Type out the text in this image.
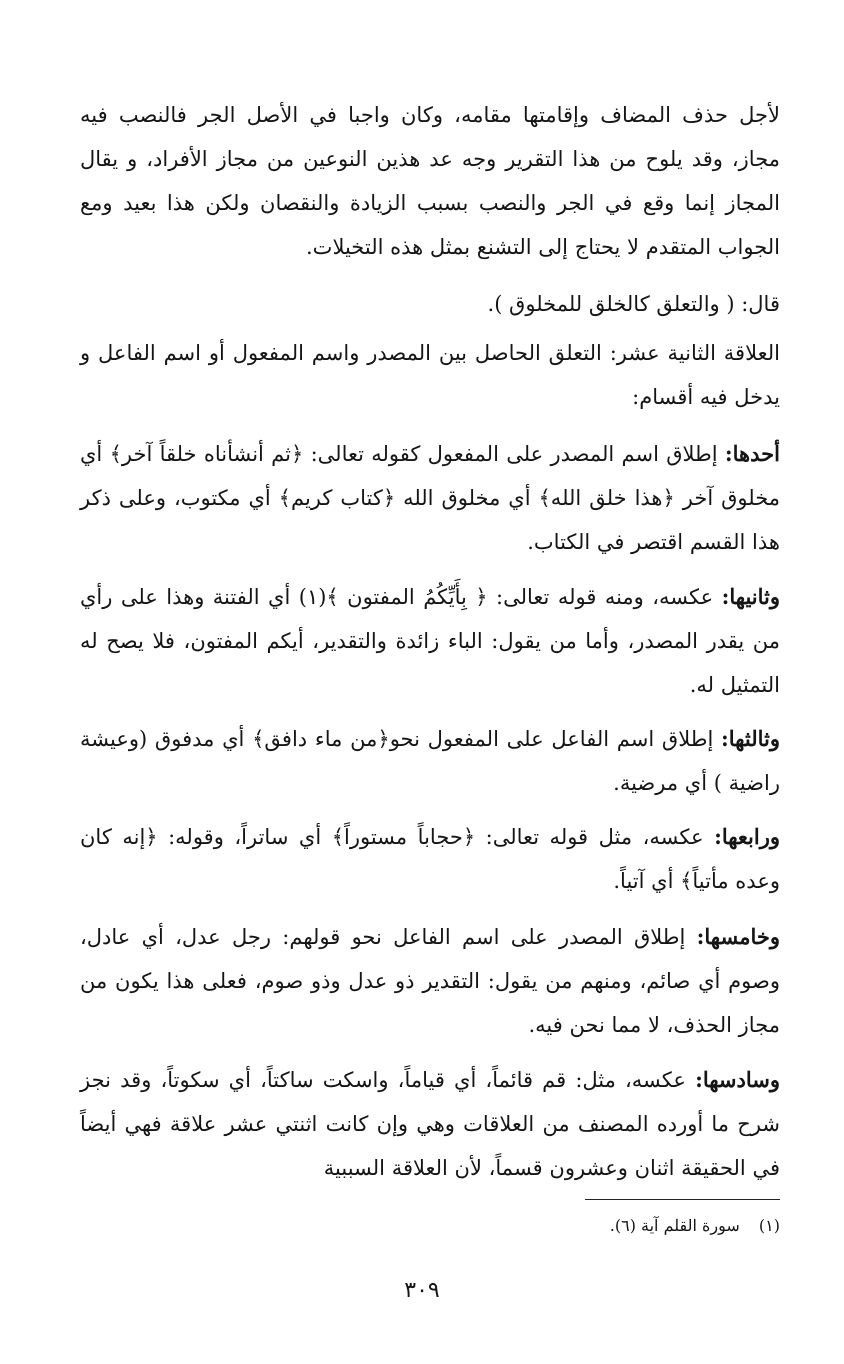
لأجل حذف المضاف وإقامتها مقامه، وكان واجبا في الأصل الجر فالنصب فيه مجاز، وقد يلوح من هذا التقرير وجه عد هذين النوعين من مجاز الأفراد، و يقال المجاز إنما وقع في الجر والنصب بسبب الزيادة والنقصان ولكن هذا بعيد ومع الجواب المتقدم لا يحتاج إلى التشنع بمثل هذه التخيلات.

قال: ( والتعلق كالخلق للمخلوق ).

العلاقة الثانية عشر: التعلق الحاصل بين المصدر واسم المفعول أو اسم الفاعل و يدخل فيه أقسام:

أحدها: إطلاق اسم المصدر على المفعول كقوله تعالى: ﴿ثم أنشأناه خلقاً آخر﴾ أي مخلوق آخر ﴿هذا خلق الله﴾ أي مخلوق الله ﴿كتاب كريم﴾ أي مكتوب، وعلى ذكر هذا القسم اقتصر في الكتاب.

وثانيها: عكسه، ومنه قوله تعالى: ﴿ بِأَيِّكُمُ المفتون ﴾(١) أي الفتنة وهذا على رأي من يقدر المصدر، وأما من يقول: الباء زائدة والتقدير، أيكم المفتون، فلا يصح له التمثيل له.

وثالثها: إطلاق اسم الفاعل على المفعول نحو﴿من ماء دافق﴾ أي مدفوق (وعيشة راضية ) أي مرضية.

ورابعها: عكسه، مثل قوله تعالى: ﴿حجاباً مستوراً﴾ أي ساتراً، وقوله: ﴿إنه كان وعده مأتياً﴾ أي آتياً.

وخامسها: إطلاق المصدر على اسم الفاعل نحو قولهم: رجل عدل، أي عادل، وصوم أي صائم، ومنهم من يقول: التقدير ذو عدل وذو صوم، فعلى هذا يكون من مجاز الحذف، لا مما نحن فيه.

وسادسها: عكسه، مثل: قم قائماً، أي قياماً، واسكت ساكتاً، أي سكوتاً، وقد نجز شرح ما أورده المصنف من العلاقات وهي وإن كانت اثنتي عشر علاقة فهي أيضاً في الحقيقة اثنان وعشرون قسماً، لأن العلاقة السببية

(١) سورة القلم آية (٦).
٣٠٩
